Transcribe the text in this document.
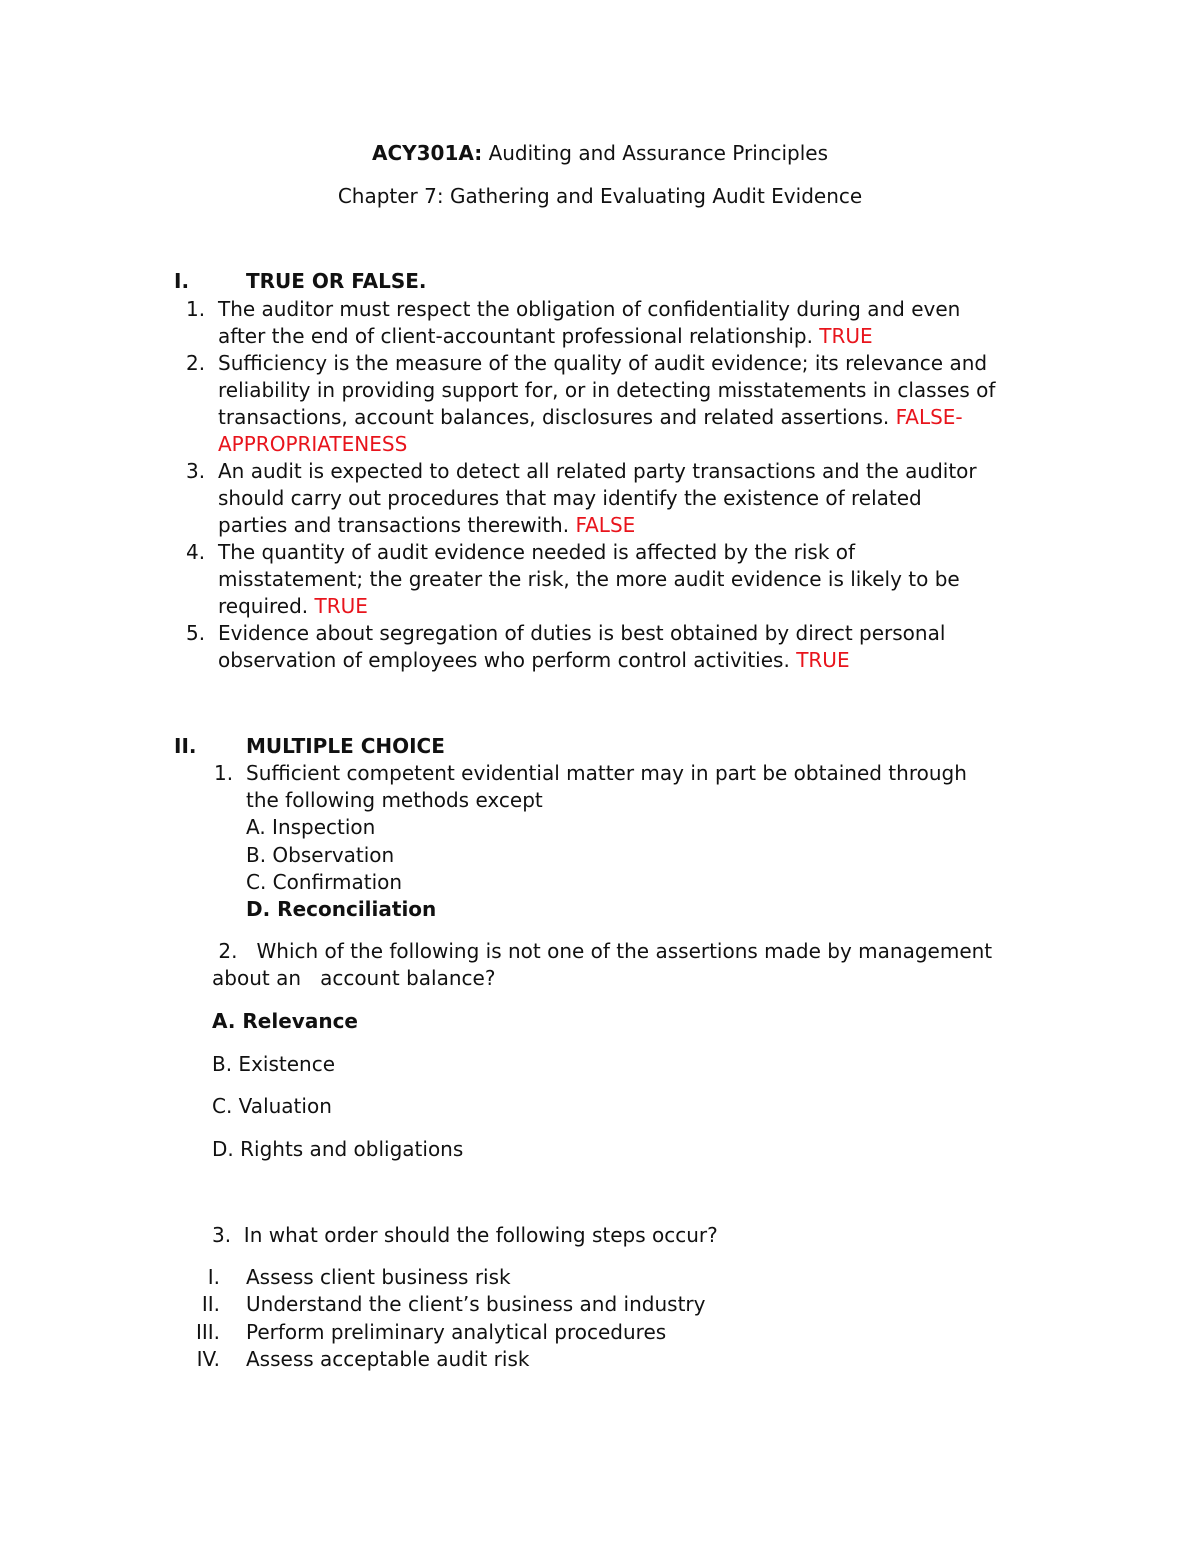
ACY301A: Auditing and Assurance Principles
Chapter 7: Gathering and Evaluating Audit Evidence
I.	TRUE OR FALSE.
1. The auditor must respect the obligation of confidentiality during and even
after the end of client-accountant professional relationship. TRUE
2. Sufficiency is the measure of the quality of audit evidence; its relevance and
reliability in providing support for, or in detecting misstatements in classes of
transactions, account balances, disclosures and related assertions. FALSE-
APPROPRIATENESS
3. An audit is expected to detect all related party transactions and the auditor
should carry out procedures that may identify the existence of related
parties and transactions therewith. FALSE
4. The quantity of audit evidence needed is affected by the risk of
misstatement; the greater the risk, the more audit evidence is likely to be
required. TRUE
5. Evidence about segregation of duties is best obtained by direct personal
observation of employees who perform control activities. TRUE
II. MULTIPLE CHOICE
1. Sufficient competent evidential matter may in part be obtained through
the following methods except
A. Inspection
B. Observation
C. Confirmation
D. Reconciliation
2.   Which of the following is not one of the assertions made by management
about an   account balance?
A. Relevance
B. Existence
C. Valuation
D. Rights and obligations
3.  In what order should the following steps occur?
I. Assess client business risk
II. Understand the client’s business and industry
III. Perform preliminary analytical procedures
IV. Assess acceptable audit risk
